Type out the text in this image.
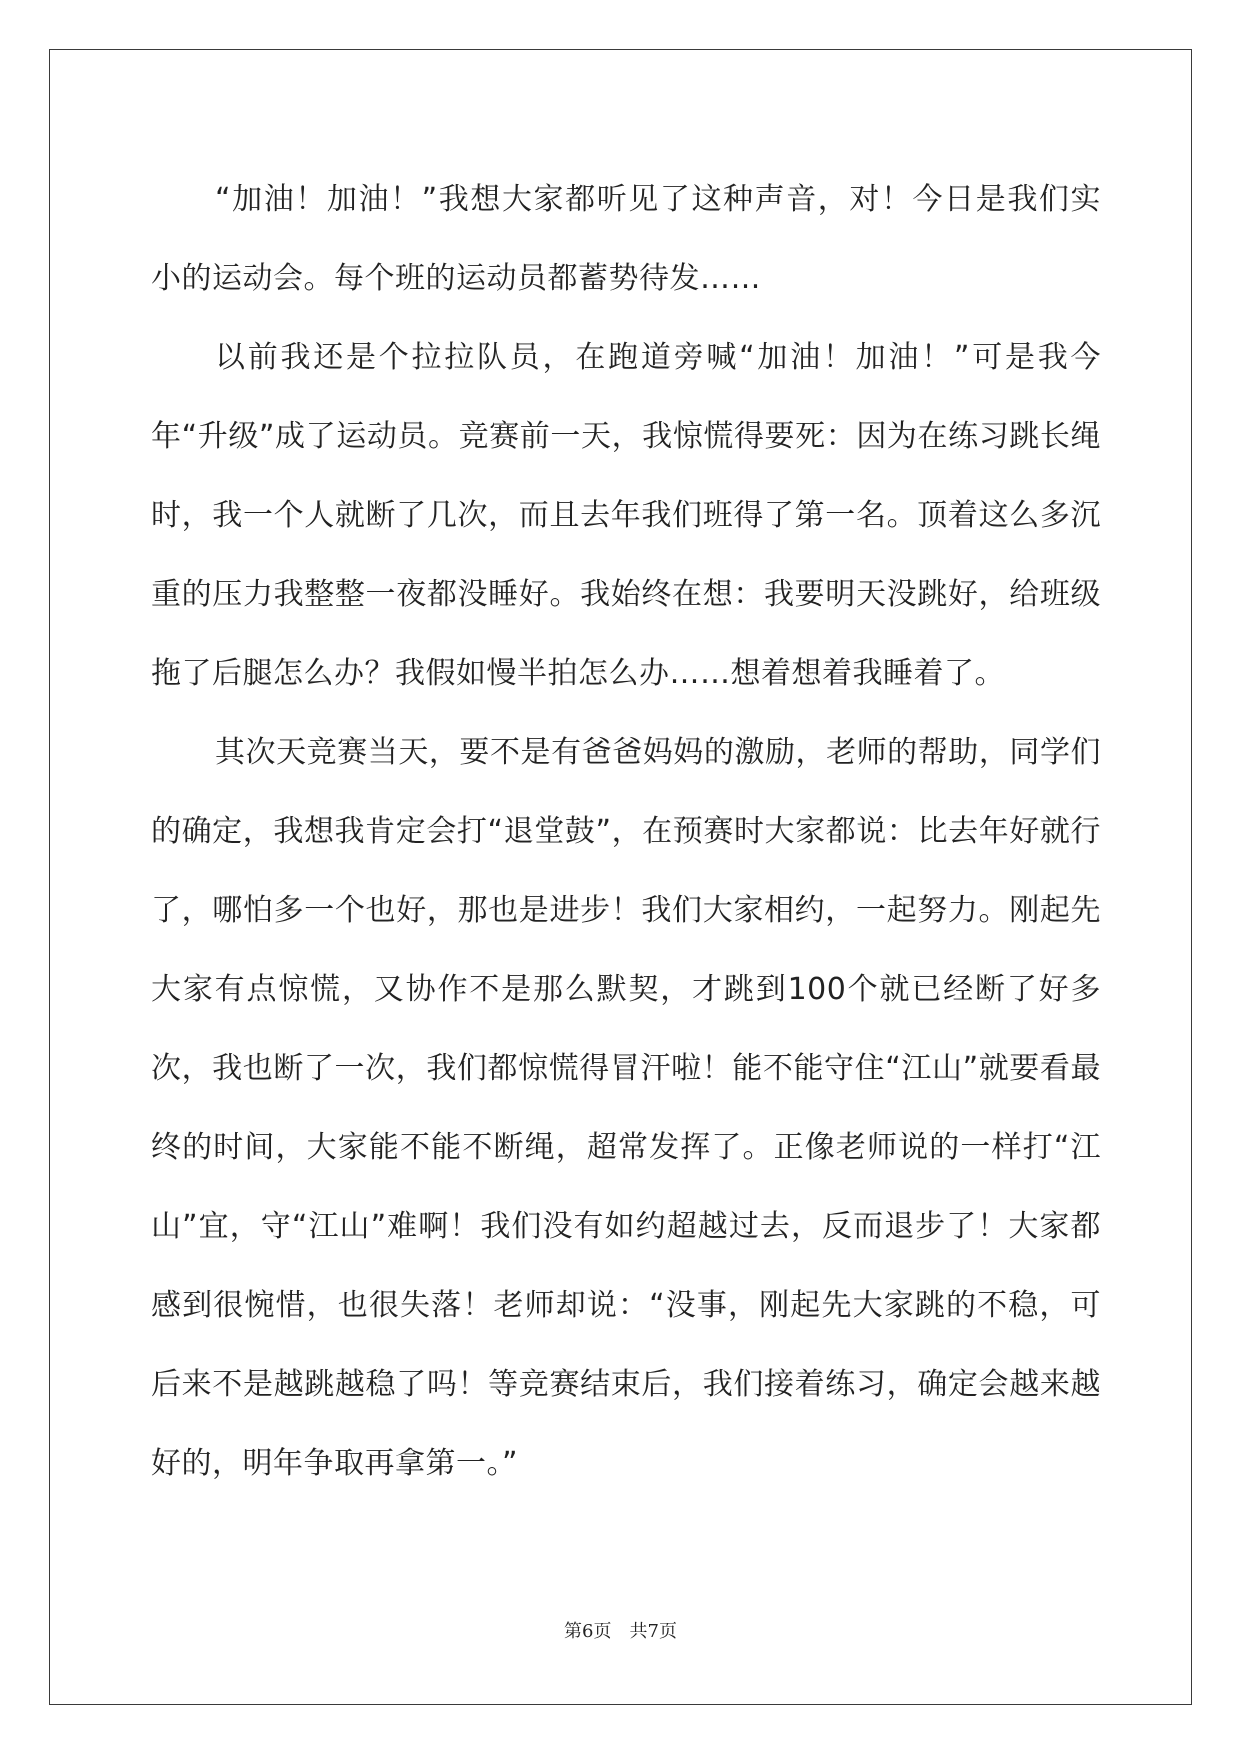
“加油！加油！”我想大家都听见了这种声音，对！今日是我们实小的运动会。每个班的运动员都蓄势待发……

以前我还是个拉拉队员，在跑道旁喊“加油！加油！”可是我今年“升级”成了运动员。竞赛前一天，我惊慌得要死：因为在练习跳长绳时，我一个人就断了几次，而且去年我们班得了第一名。顶着这么多沉重的压力我整整一夜都没睡好。我始终在想：我要明天没跳好，给班级拖了后腿怎么办？我假如慢半拍怎么办……想着想着我睡着了。

其次天竞赛当天，要不是有爸爸妈妈的激励，老师的帮助，同学们的确定，我想我肯定会打“退堂鼓”，在预赛时大家都说：比去年好就行了，哪怕多一个也好，那也是进步！我们大家相约，一起努力。刚起先大家有点惊慌，又协作不是那么默契，才跳到100个就已经断了好多次，我也断了一次，我们都惊慌得冒汗啦！能不能守住“江山”就要看最终的时间，大家能不能不断绳，超常发挥了。正像老师说的一样打“江山”宜，守“江山”难啊！我们没有如约超越过去，反而退步了！大家都感到很惋惜，也很失落！老师却说：“没事，刚起先大家跳的不稳，可后来不是越跳越稳了吗！等竞赛结束后，我们接着练习，确定会越来越好的，明年争取再拿第一。”

第6页 共7页
